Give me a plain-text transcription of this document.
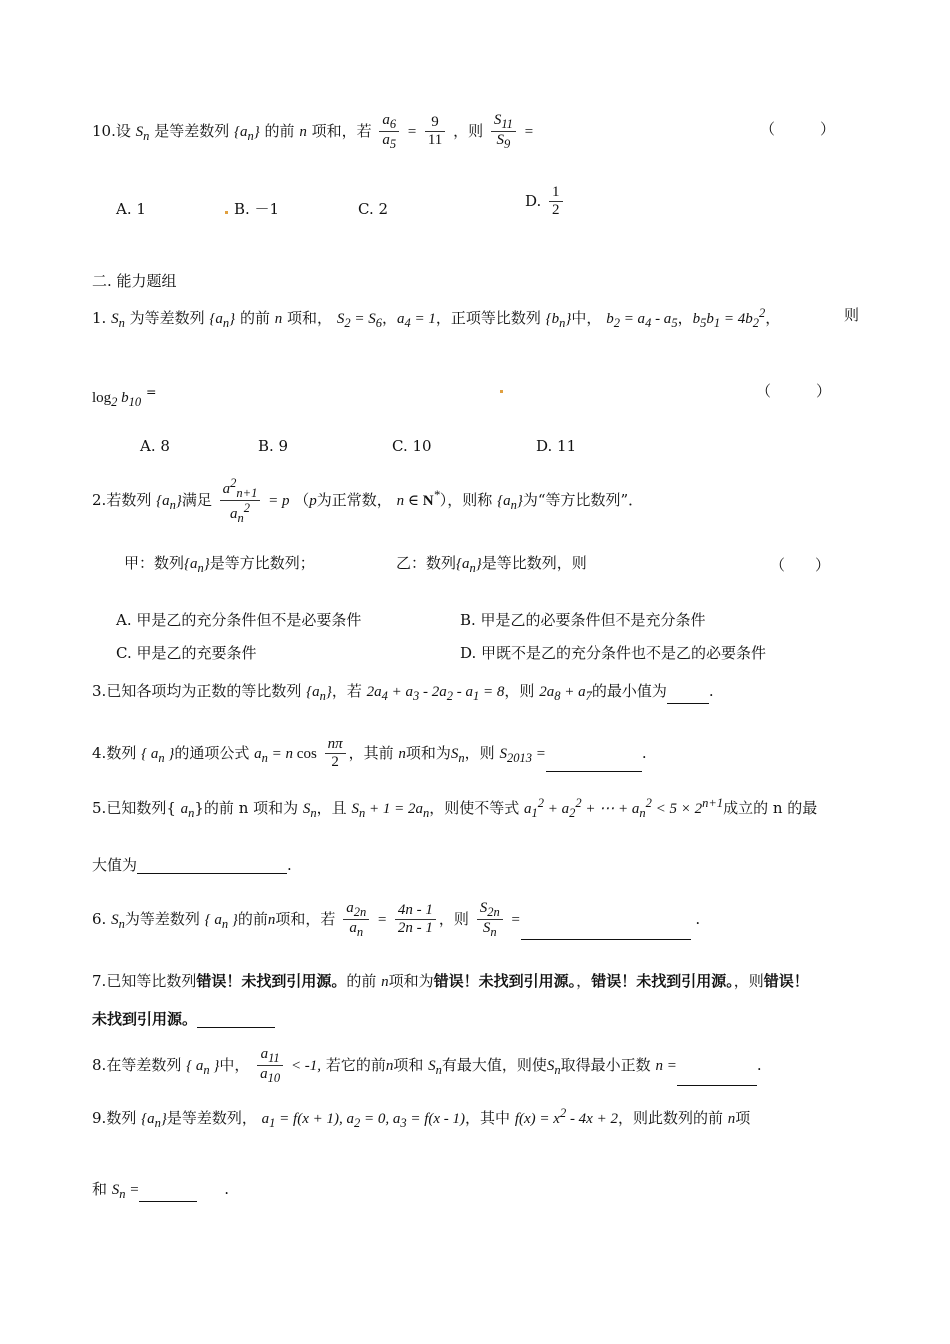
10.设 $S_n$ 是等差数列 $\{a_n\}$ 的前 n 项和，若 $\frac{a_6}{a_5} = \frac{9}{11}$ ，则 $\frac{S_{11}}{S_9}$ =	（　　　）
A. 1	B. －1	C. 2	D. $\frac{1}{2}$
二. 能力题组
1. $S_n$ 为等差数列 $\{a_n\}$ 的前 n 项和， $S_2 = S_6$，$a_4 = 1$，正项等比数列 $\{b_n\}$中， $b_2 = a_4 - a_5$，$b_5b_1 = 4b_2^2$，	则
$\log_2 b_{10}$ =	（　　　）
A. 8	B. 9	C. 10	D. 11
2.若数列 $\{a_n\}$满足 $\frac{a^2_{n+1}}{a_n^2} = p$ （p为正常数， n ∈ N*），则称 $\{a_n\}$为“等方比数列”．
甲：数列$\{a_n\}$是等方比数列；	乙：数列$\{a_n\}$是等比数列，则	（　　）
A. 甲是乙的充分条件但不是必要条件	B. 甲是乙的必要条件但不是充分条件
C. 甲是乙的充要条件	D. 甲既不是乙的充分条件也不是乙的必要条件
3.已知各项均为正数的等比数列 $\{a_n\}$，若 $2a_4 + a_3 - 2a_2 - a_1 = 8$，则 $2a_8 + a_7$的最小值为	.
4.数列 { $a_n$ }的通项公式 $a_n = n$ $\cos \frac{n\pi}{2}$ ，其前 n项和为$S_n$，则 $S_{2013}$ =	.
5.已知数列{ $a_n$}的前 n 项和为 $S_n$，且 $S_n + 1 = 2a_n$，则使不等式 $a_1^2 + a_2^2$ + ⋯ + $a_n^2 < 5 \times 2^{n+1}$成立的 n 的最
大值为	.
6. $S_n$为等差数列 { $a_n$ }的前n项和，若 $\frac{a_{2n}}{a_n} = \frac{4n - 1}{2n - 1}$ ，则 $\frac{S_{2n}}{S_n}$ =	.
7.已知等比数列错误！未找到引用源。的前 n项和为错误！未找到引用源。，错误！未找到引用源。，则错误！
未找到引用源。
8.在等差数列 { $a_n$ }中， $\frac{a_{11}}{a_{10}} < -1$, 若它的前n项和 $S_n$有最大值，则使$S_n$取得最小正数 n =	.
9.数列 $\{a_n\}$是等差数列， $a_1 = f(x + 1)$, $a_2 = 0$, $a_3 = f(x - 1)$，其中 $f(x) = x^2 - 4x + 2$，则此数列的前 n项
和 $S_n$ =	.
